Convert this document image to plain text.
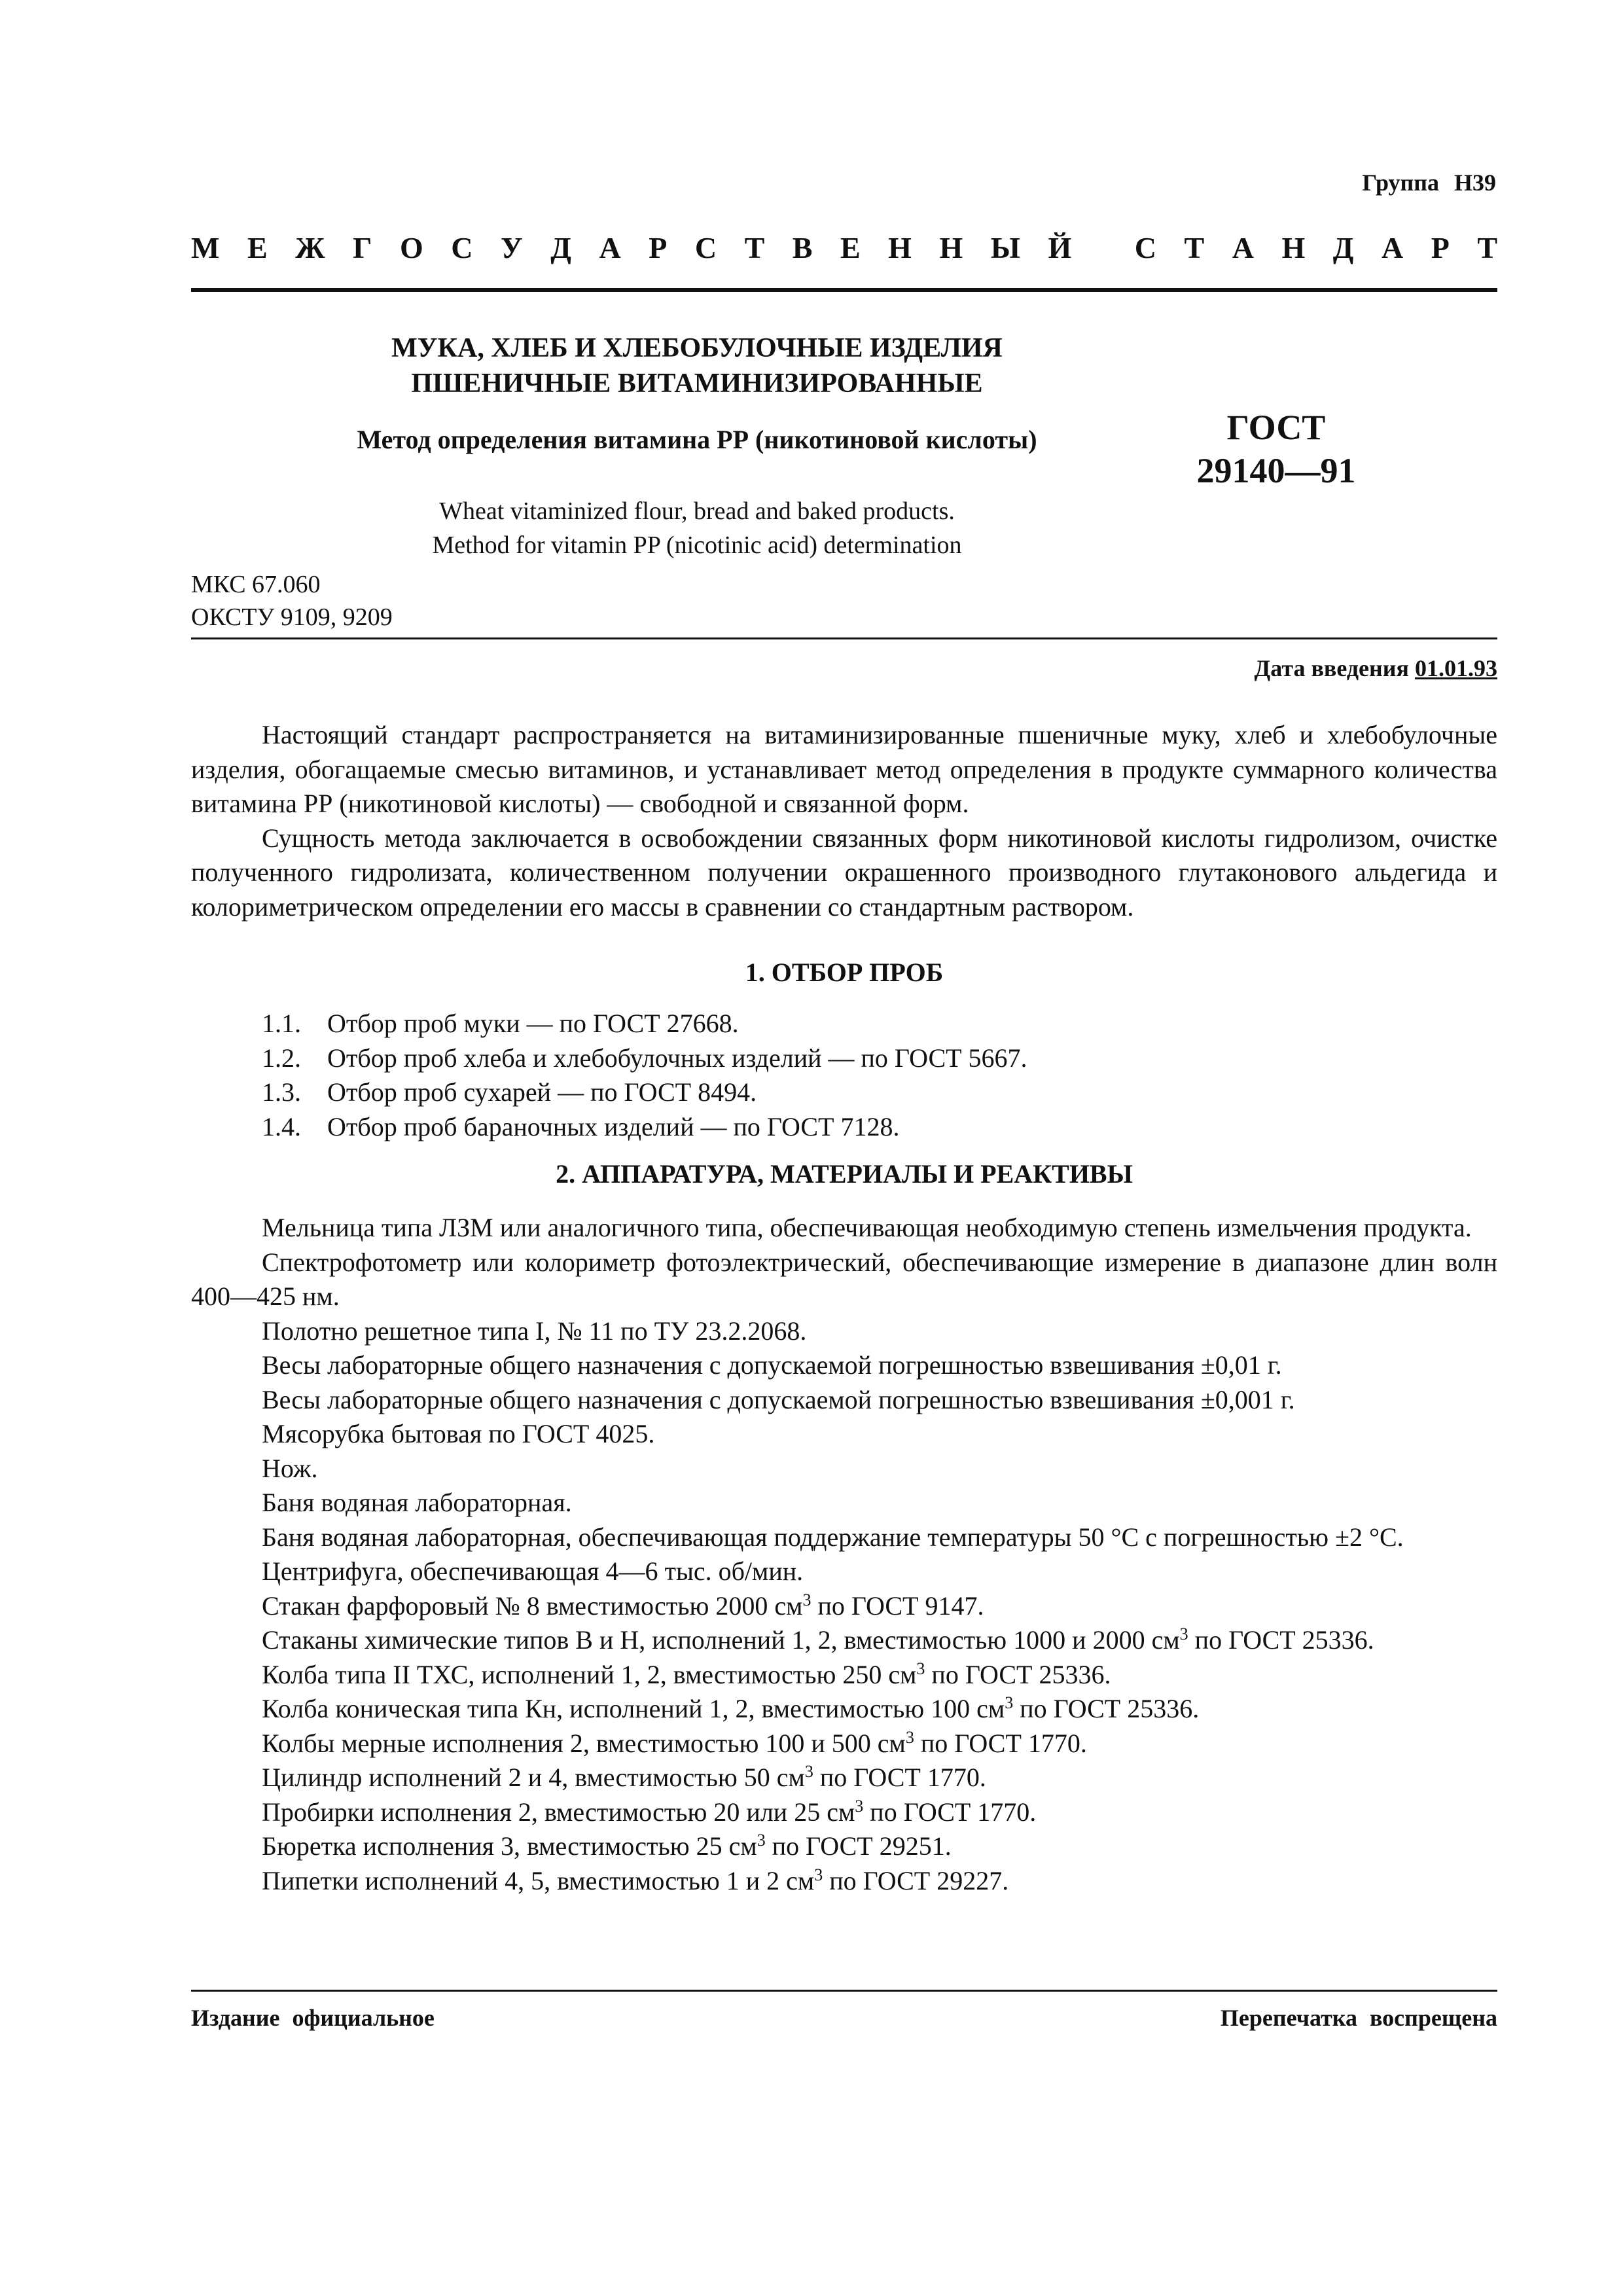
Группа Н39
М Е Ж Г О С У Д А Р С Т В Е Н Н Ы Й
С Т А Н Д А Р Т
МУКА, ХЛЕБ И ХЛЕБОБУЛОЧНЫЕ ИЗДЕЛИЯ
ПШЕНИЧНЫЕ ВИТАМИНИЗИРОВАННЫЕ
Метод определения витамина РР (никотиновой кислоты)	ГОСТ
29140—91
Wheat vitaminized flour, bread and baked products.
Method for vitamin PP (nicotinic acid) determination
МКС 67.060
ОКСТУ 9109, 9209
Дата введения 01.01.93

Настоящий стандарт распространяется на витаминизированные пшеничные муку, хлеб и хлебобулочные изделия, обогащаемые смесью витаминов, и устанавливает метод определения в продукте суммарного количества витамина РР (никотиновой кислоты) — свободной и связанной форм.

Сущность метода заключается в освобождении связанных форм никотиновой кислоты гидролизом, очистке полученного гидролизата, количественном получении окрашенного производного глутаконового альдегида и колориметрическом определении его массы в сравнении со стандартным раствором.

1. ОТБОР ПРОБ
1.1. Отбор проб муки — по ГОСТ 27668.
1.2. Отбор проб хлеба и хлебобулочных изделий — по ГОСТ 5667.
1.3. Отбор проб сухарей — по ГОСТ 8494.
1.4. Отбор проб бараночных изделий — по ГОСТ 7128.
2. АППАРАТУРА, МАТЕРИАЛЫ И РЕАКТИВЫ

Мельница типа ЛЗМ или аналогичного типа, обеспечивающая необходимую степень измельчения продукта.

Спектрофотометр или колориметр фотоэлектрический, обеспечивающие измерение в диапазоне длин волн 400—425 нм.

Полотно решетное типа I, № 11 по ТУ 23.2.2068.

Весы лабораторные общего назначения с допускаемой погрешностью взвешивания ±0,01 г.

Весы лабораторные общего назначения с допускаемой погрешностью взвешивания ±0,001 г.

Мясорубка бытовая по ГОСТ 4025.

Нож.

Баня водяная лабораторная.

Баня водяная лабораторная, обеспечивающая поддержание температуры 50 °С с погрешностью ±2 °С.

Центрифуга, обеспечивающая 4—6 тыс. об/мин.

Стакан фарфоровый № 8 вместимостью 2000 $см^3$ по ГОСТ 9147.

Стаканы химические типов В и Н, исполнений 1, 2, вместимостью 1000 и 2000 $см^3$ по ГОСТ 25336.

Колба типа II ТХС, исполнений 1, 2, вместимостью 250 $см^3$ по ГОСТ 25336.

Колба коническая типа Кн, исполнений 1, 2, вместимостью 100 $см^3$ по ГОСТ 25336.

Колбы мерные исполнения 2, вместимостью 100 и 500 $см^3$ по ГОСТ 1770.

Цилиндр исполнений 2 и 4, вместимостью 50 $см^3$ по ГОСТ 1770.

Пробирки исполнения 2, вместимостью 20 или 25 $см^3$ по ГОСТ 1770.

Бюретка исполнения 3, вместимостью 25 $см^3$ по ГОСТ 29251.

Пипетки исполнений 4, 5, вместимостью 1 и 2 $см^3$ по ГОСТ 29227.

Издание официальное	Перепечатка воспрещена
